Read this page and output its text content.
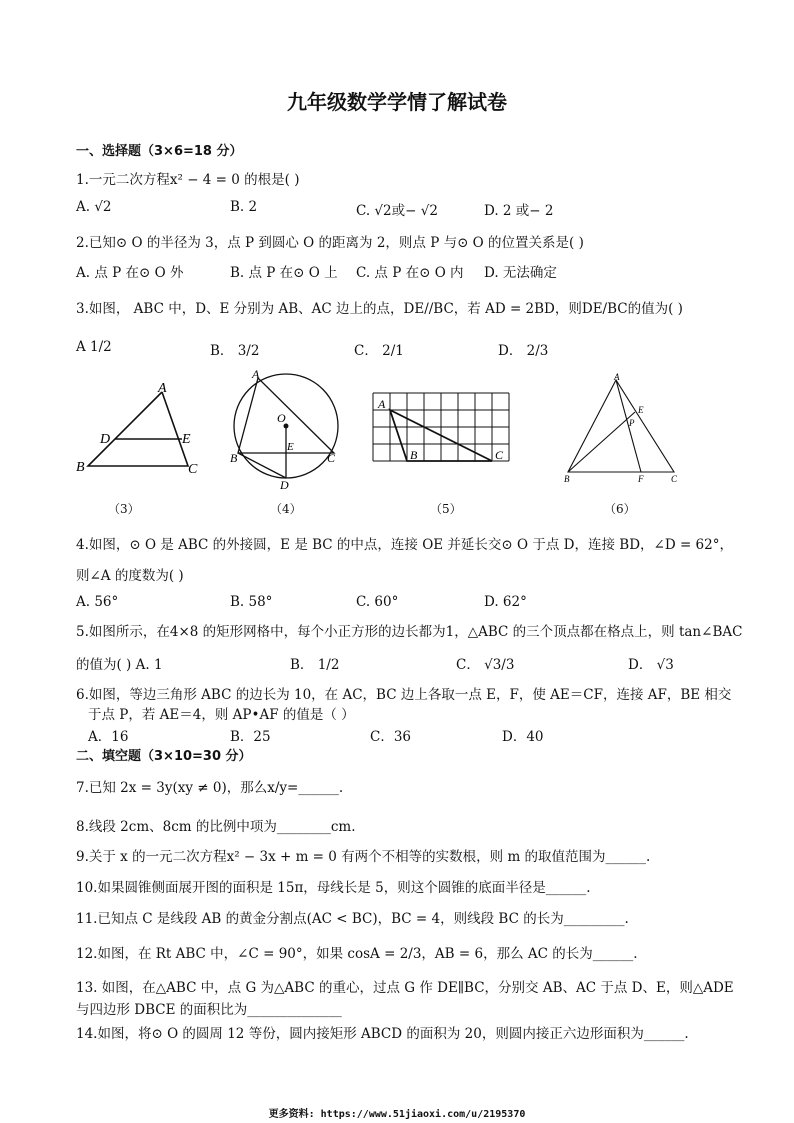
九年级数学学情了解试卷
一、选择题（3×6=18 分）
1.一元二次方程x² − 4 = 0 的根是( )
A. √2	B. 2	C. √2或− √2	D. 2 或− 2
2.已知⊙ O 的半径为 3，点 P 到圆心 O 的距离为 2，则点 P 与⊙ O 的位置关系是( )
A. 点 P 在⊙ O 外	B. 点 P 在⊙ O 上 C. 点 P 在⊙ O 内 D. 无法确定
3.如图， ABC 中，D、E 分别为 AB、AC 边上的点，DE//BC，若 AD = 2BD，则DE/BC的值为( )
A 1/2	B． 3/2	C． 2/1	D． 2/3
A
D	E
B	C
（3）
A
O
E
B	C
D
（4）
A
B	C
（5）
A
E
P
B	F	C
（6）
4.如图，⊙ O 是 ABC 的外接圆，E 是 BC 的中点，连接 OE 并延长交⊙ O 于点 D，连接 BD，∠D = 62°，
则∠A 的度数为( )
A. 56°	B. 58°	C. 60°	D. 62°
5.如图所示，在4×8 的矩形网格中，每个小正方形的边长都为1，△ABC 的三个顶点都在格点上，则 tan∠BAC
的值为( ) A. 1	B． 1/2	C． √3/3	D． √3
6.如图，等边三角形 ABC 的边长为 10，在 AC，BC 边上各取一点 E，F，使 AE＝CF，连接 AF，BE 相交
于点 P，若 AE＝4，则 AP•AF 的值是（ ）
A．16	B．25	C．36	D．40
二、填空题（3×10=30 分）
7.已知 2x = 3y(xy ≠ 0)，那么x/y=______.
8.线段 2cm、8cm 的比例中项为________cm.
9.关于 x 的一元二次方程x² − 3x + m = 0 有两个不相等的实数根，则 m 的取值范围为______.
10.如果圆锥侧面展开图的面积是 15π，母线长是 5，则这个圆锥的底面半径是______.
11.已知点 C 是线段 AB 的黄金分割点(AC < BC)，BC = 4，则线段 BC 的长为_________.
12.如图，在 Rt ABC 中，∠C = 90°，如果 cosA = 2/3，AB = 6，那么 AC 的长为______.
13. 如图，在△ABC 中，点 G 为△ABC 的重心，过点 G 作 DE∥BC，分别交 AB、AC 于点 D、E，则△ADE
与四边形 DBCE 的面积比为______________
14.如图，将⊙ O 的圆周 12 等份，圆内接矩形 ABCD 的面积为 20，则圆内接正六边形面积为______.
更多资料: https://www.51jiaoxi.com/u/2195370
